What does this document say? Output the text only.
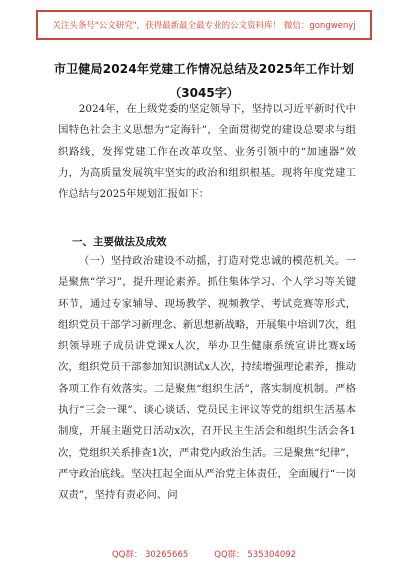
关注头条号"公文研究"，获得最新最全最专业的公文资料库！ 微信：gongwenyj
市卫健局2024年党建工作情况总结及2025年工作计划
（3045字）

2024年，在上级党委的坚定领导下，坚持以习近平新时代中国特色社会主义思想为“定海针”，全面贯彻党的建设总要求与组织路线，发挥党建工作在改革攻坚、业务引领中的“加速器”效力，为高质量发展筑牢坚实的政治和组织根基。现将年度党建工作总结与2025年规划汇报如下：

一、主要做法及成效

（一）坚持政治建设不动摇，打造对党忠诚的模范机关。一是聚焦“学习”，提升理论素养。抓住集体学习、个人学习等关键环节，通过专家辅导、现场教学、视频教学、考试竞赛等形式，组织党员干部学习新理念、新思想新战略，开展集中培训7次，组织领导班子成员讲党课x人次，举办卫生健康系统宣讲比赛x场次，组织党员干部参加知识测试x人次，持续增强理论素养，推动各项工作有效落实。二是聚焦“组织生活”，落实制度机制。严格执行“三会一课”、谈心谈话、党员民主评议等党的组织生活基本制度，开展主题党日活动x次，召开民主生活会和组织生活会各1次，党组织关系排查1次，严肃党内政治生活。三是聚焦“纪律”，严守政治底线。坚决扛起全面从严治党主体责任，全面履行“一岗双责”，坚持有责必问、问

QQ群： 30265665	QQ群： 535304092
